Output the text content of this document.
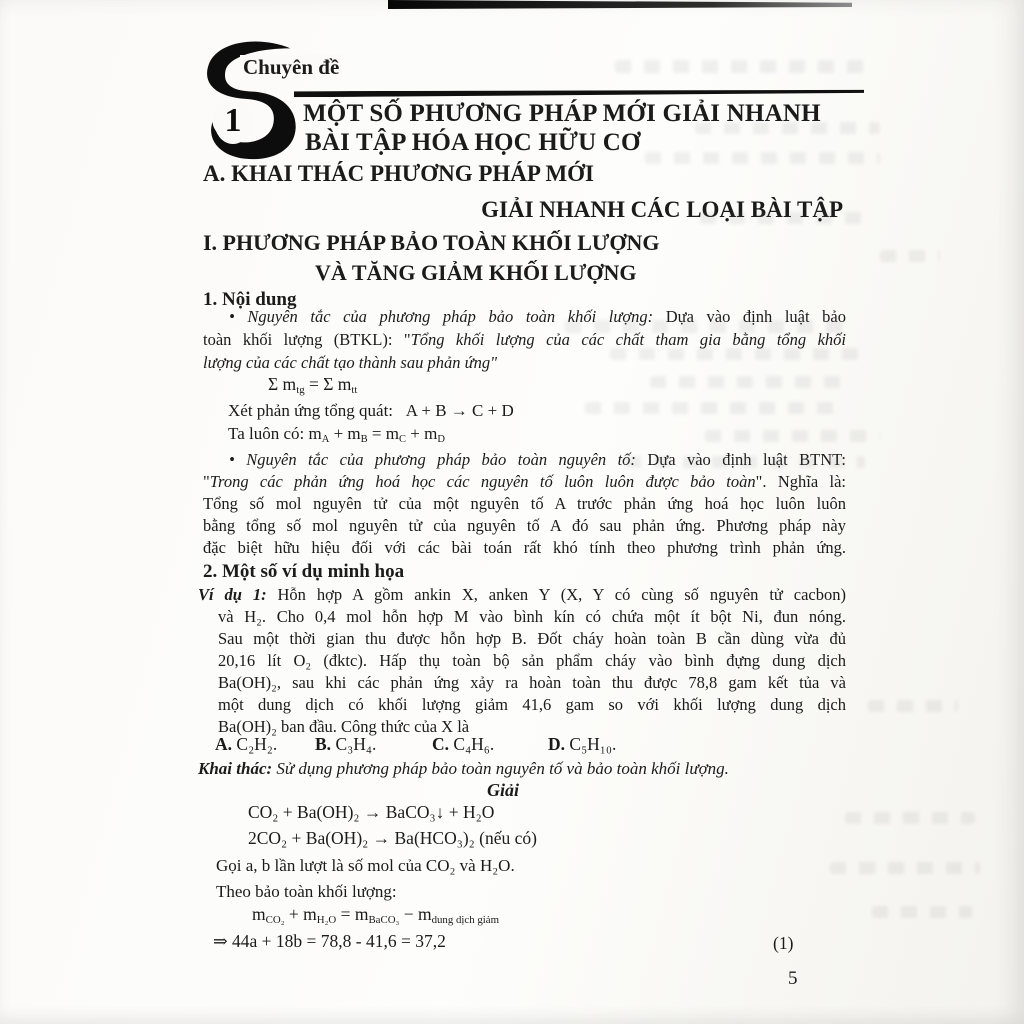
1
Chuyên đề
MỘT SỐ PHƯƠNG PHÁP MỚI GIẢI NHANH
BÀI TẬP HÓA HỌC HỮU CƠ
A. KHAI THÁC PHƯƠNG PHÁP MỚI
GIẢI NHANH CÁC LOẠI BÀI TẬP
I. PHƯƠNG PHÁP BẢO TOÀN KHỐI LƯỢNG
VÀ TĂNG GIẢM KHỐI LƯỢNG
1. Nội dung
• Nguyên tắc của phương pháp bảo toàn khối lượng: Dựa vào định luật bảo
toàn khối lượng (BTKL): "Tổng khối lượng của các chất tham gia bằng tổng khối
lượng của các chất tạo thành sau phản ứng"
Σ $m_{tg} = \Sigma$ $m_{tt}$
Xét phản ứng tổng quát:  A + B → C + D
Ta luôn có: $m_A + m_B = m_C + m_D$
• Nguyên tắc của phương pháp bảo toàn nguyên tố: Dựa vào định luật BTNT:
"Trong các phản ứng hoá học các nguyên tố luôn luôn được bảo toàn". Nghĩa là:
Tổng số mol nguyên tử của một nguyên tố A trước phản ứng hoá học luôn luôn
bằng tổng số mol nguyên tử của nguyên tố A đó sau phản ứng. Phương pháp này
đặc biệt hữu hiệu đối với các bài toán rất khó tính theo phương trình phản ứng.
2. Một số ví dụ minh họa
Ví dụ 1: Hỗn hợp A gồm ankin X, anken Y (X, Y có cùng số nguyên tử cacbon)
và H₂. Cho 0,4 mol hỗn hợp M vào bình kín có chứa một ít bột Ni, đun nóng.
Sau một thời gian thu được hỗn hợp B. Đốt cháy hoàn toàn B cần dùng vừa đủ
20,16 lít O₂ (đktc). Hấp thụ toàn bộ sản phẩm cháy vào bình đựng dung dịch
Ba(OH)₂, sau khi các phản ứng xảy ra hoàn toàn thu được 78,8 gam kết tủa và
một dung dịch có khối lượng giảm 41,6 gam so với khối lượng dung dịch
Ba(OH)₂ ban đầu. Công thức của X là
A. C₂H₂. B. C₃H₄.	C. C₄H₆.	D. C₅H₁₀.
Khai thác: Sử dụng phương pháp bảo toàn nguyên tố và bảo toàn khối lượng.
Giải
CO₂ + Ba(OH)₂ → BaCO₃↓ + H₂O
2CO₂ + Ba(OH)₂ → Ba(HCO₃)₂ (nếu có)
Gọi a, b lần lượt là số mol của CO₂ và H₂O.
Theo bảo toàn khối lượng:
$m_{CO_2} + m_{H_2O} = m_{BaCO_3} - m_{dung dịch giảm}$
⇒ 44a + 18b = 78,8 - 41,6 = 37,2	(1)
5
